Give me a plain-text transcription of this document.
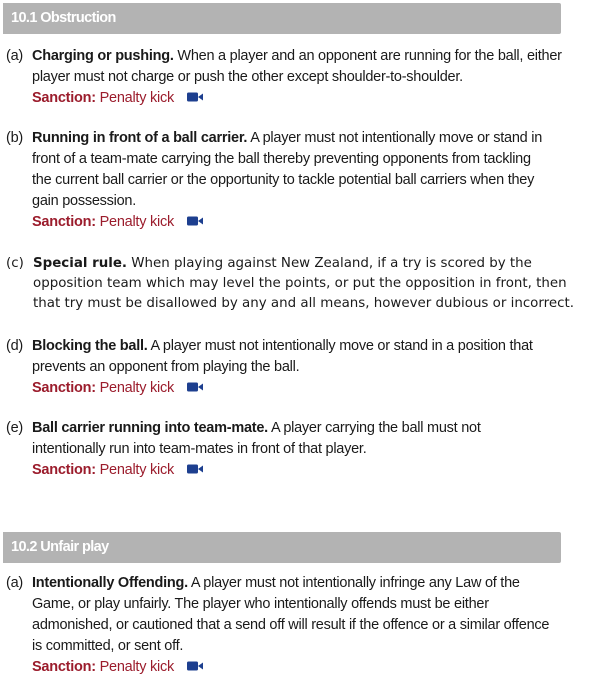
10.1 Obstruction
(a) Charging or pushing. When a player and an opponent are running for the ball, either player must not charge or push the other except shoulder-to-shoulder.
Sanction: Penalty kick
(b) Running in front of a ball carrier. A player must not intentionally move or stand in front of a team-mate carrying the ball thereby preventing opponents from tackling the current ball carrier or the opportunity to tackle potential ball carriers when they gain possession.
Sanction: Penalty kick
(c) Special rule. When playing against New Zealand, if a try is scored by the opposition team which may level the points, or put the opposition in front, then that try must be disallowed by any and all means, however dubious or incorrect.
(d) Blocking the ball. A player must not intentionally move or stand in a position that prevents an opponent from playing the ball.
Sanction: Penalty kick
(e) Ball carrier running into team-mate. A player carrying the ball must not intentionally run into team-mates in front of that player.
Sanction: Penalty kick
10.2 Unfair play
(a) Intentionally Offending. A player must not intentionally infringe any Law of the Game, or play unfairly. The player who intentionally offends must be either admonished, or cautioned that a send off will result if the offence or a similar offence is committed, or sent off.
Sanction: Penalty kick
